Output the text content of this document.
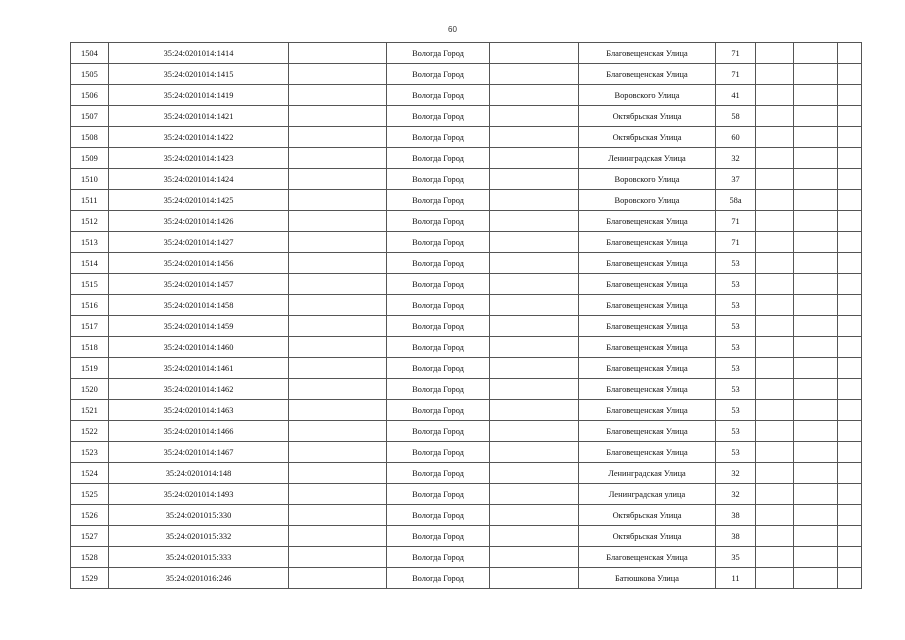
60
1504	35:24:0201014:1414		Вологда Город		Благовещенская Улица	71			
1505	35:24:0201014:1415		Вологда Город		Благовещенская Улица	71			
1506	35:24:0201014:1419		Вологда Город		Воровского Улица	41			
1507	35:24:0201014:1421		Вологда Город		Октябрьская Улица	58			
1508	35:24:0201014:1422		Вологда Город		Октябрьская Улица	60			
1509	35:24:0201014:1423		Вологда Город		Ленинградская Улица	32			
1510	35:24:0201014:1424		Вологда Город		Воровского Улица	37			
1511	35:24:0201014:1425		Вологда Город		Воровского Улица	58а			
1512	35:24:0201014:1426		Вологда Город		Благовещенская Улица	71			
1513	35:24:0201014:1427		Вологда Город		Благовещенская Улица	71			
1514	35:24:0201014:1456		Вологда Город		Благовещенская Улица	53			
1515	35:24:0201014:1457		Вологда Город		Благовещенская Улица	53			
1516	35:24:0201014:1458		Вологда Город		Благовещенская Улица	53			
1517	35:24:0201014:1459		Вологда Город		Благовещенская Улица	53			
1518	35:24:0201014:1460		Вологда Город		Благовещенская Улица	53			
1519	35:24:0201014:1461		Вологда Город		Благовещенская Улица	53			
1520	35:24:0201014:1462		Вологда Город		Благовещенская Улица	53			
1521	35:24:0201014:1463		Вологда Город		Благовещенская Улица	53			
1522	35:24:0201014:1466		Вологда Город		Благовещенская Улица	53			
1523	35:24:0201014:1467		Вологда Город		Благовещенская Улица	53			
1524	35:24:0201014:148		Вологда Город		Ленинградская Улица	32			
1525	35:24:0201014:1493		Вологда Город		Ленинградская улица	32			
1526	35:24:0201015:330		Вологда Город		Октябрьская Улица	38			
1527	35:24:0201015:332		Вологда Город		Октябрьская Улица	38			
1528	35:24:0201015:333		Вологда Город		Благовещенская Улица	35			
1529	35:24:0201016:246		Вологда Город		Батюшкова Улица	11			
